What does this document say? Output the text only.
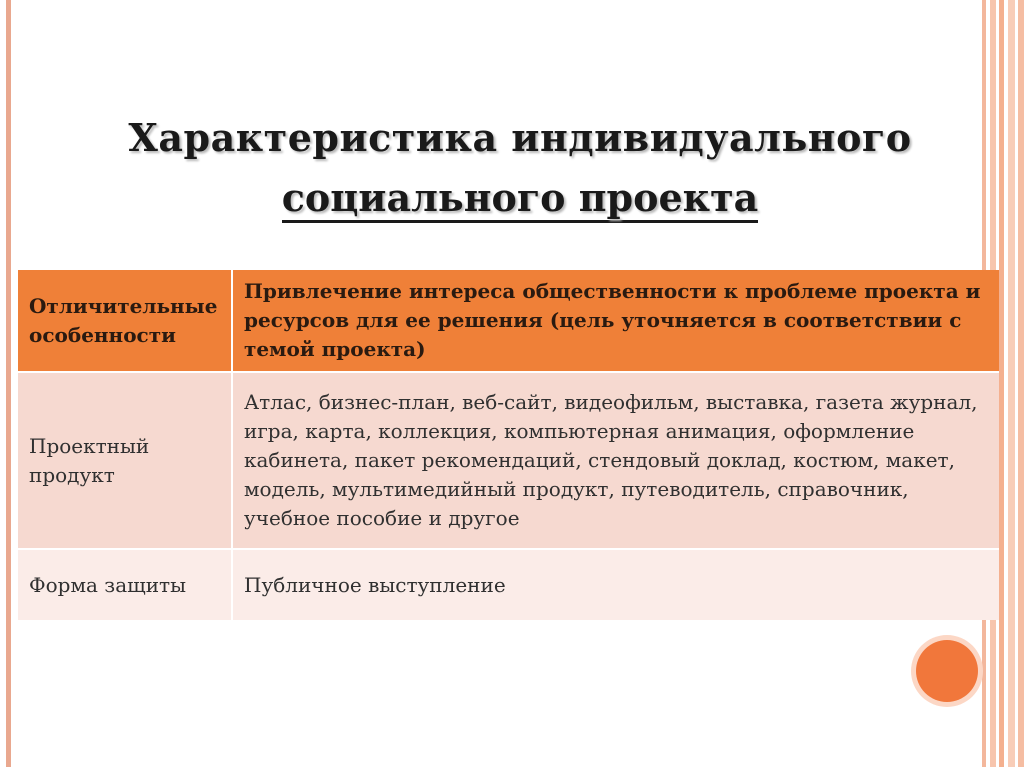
Характеристика индивидуального
социального проекта
Отличительные особенности	Привлечение интереса общественности к проблеме проекта и ресурсов для ее решения (цель уточняется в соответствии с темой проекта)
Проектный продукт	Атлас, бизнес-план, веб-сайт, видеофильм, выставка, газета журнал, игра, карта, коллекция, компьютерная анимация, оформление кабинета, пакет рекомендаций, стендовый доклад, костюм, макет, модель, мультимедийный продукт, путеводитель, справочник, учебное пособие и другое
Форма защиты	Публичное выступление
